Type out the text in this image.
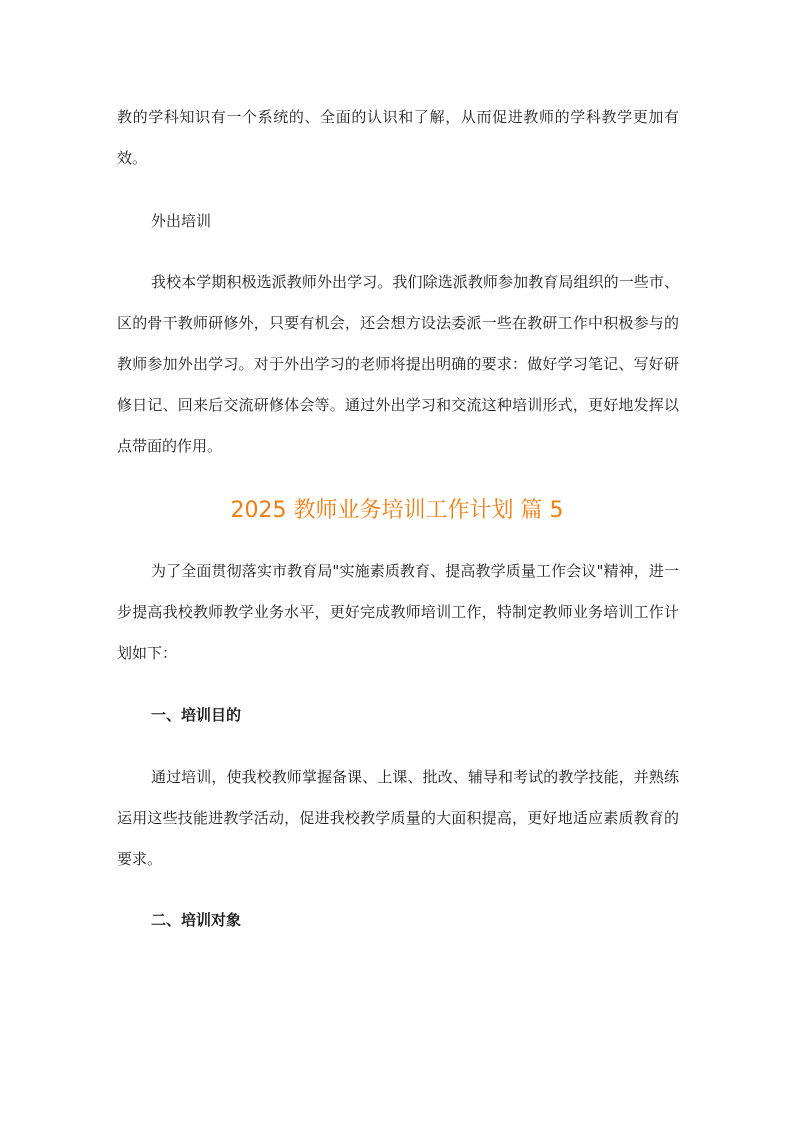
教的学科知识有一个系统的、全面的认识和了解，从而促进教师的学科教学更加有效。

外出培训

我校本学期积极选派教师外出学习。我们除选派教师参加教育局组织的一些市、区的骨干教师研修外，只要有机会，还会想方设法委派一些在教研工作中积极参与的教师参加外出学习。对于外出学习的老师将提出明确的要求：做好学习笔记、写好研修日记、回来后交流研修体会等。通过外出学习和交流这种培训形式，更好地发挥以点带面的作用。

2025 教师业务培训工作计划 篇 5

为了全面贯彻落实市教育局"实施素质教育、提高教学质量工作会议"精神，进一步提高我校教师教学业务水平，更好完成教师培训工作，特制定教师业务培训工作计划如下：

一、培训目的

通过培训，使我校教师掌握备课、上课、批改、辅导和考试的教学技能，并熟练运用这些技能进教学活动，促进我校教学质量的大面积提高，更好地适应素质教育的要求。

二、培训对象
